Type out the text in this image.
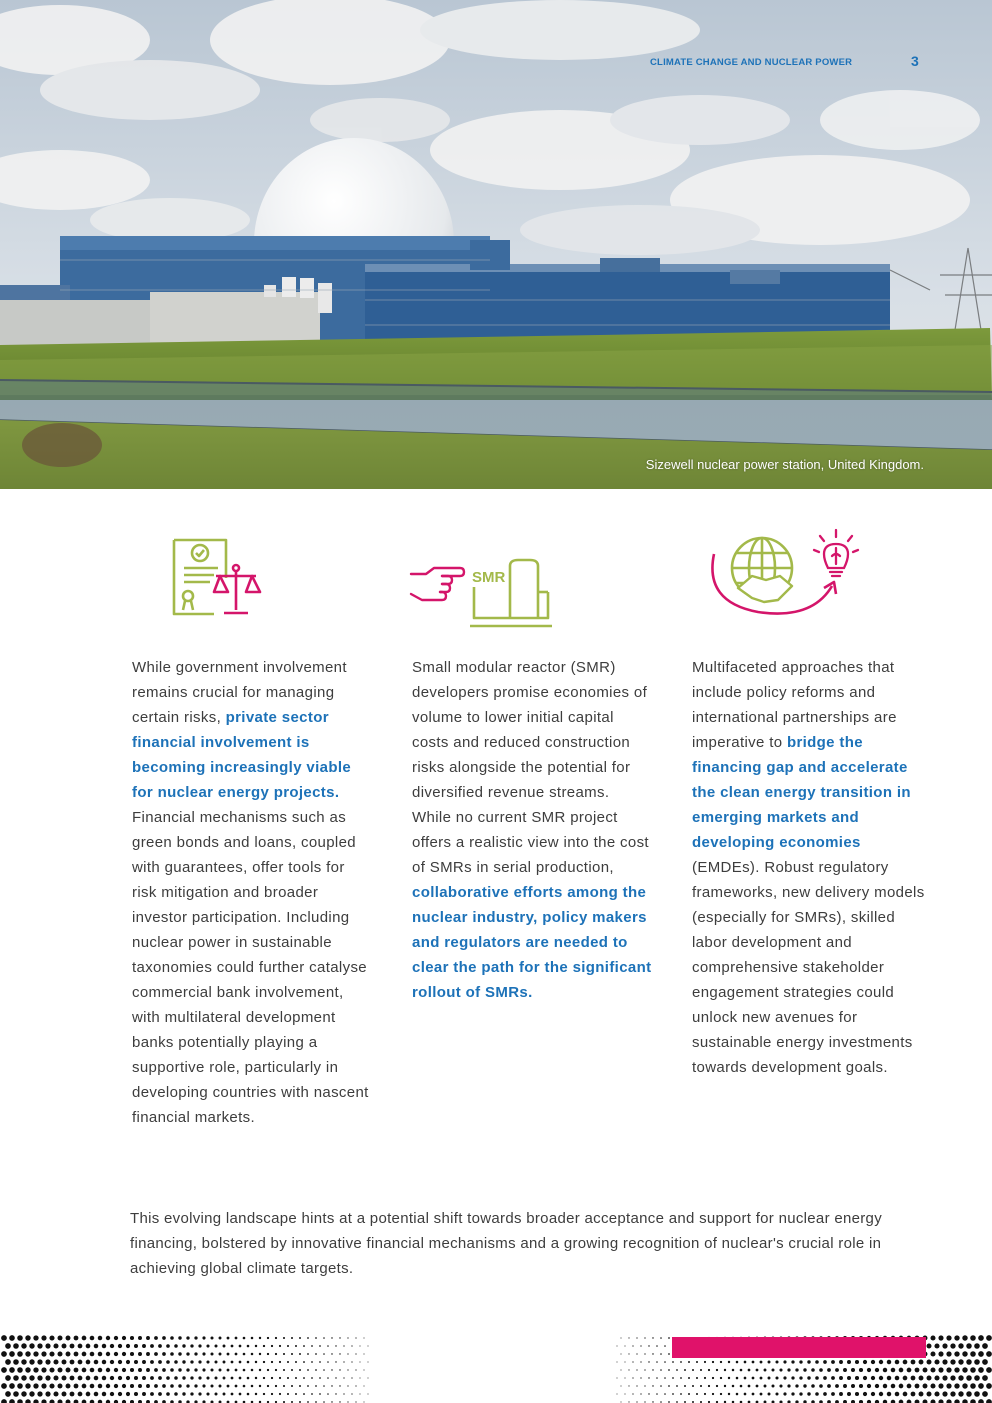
CLIMATE CHANGE AND NUCLEAR POWER	3
Sizewell nuclear power station, United Kingdom.
SMR
While government involvement remains crucial for managing certain risks, private sector financial involvement is becoming increasingly viable for nuclear energy projects. Financial mechanisms such as green bonds and loans, coupled with guarantees, offer tools for risk mitigation and broader investor participation. Including nuclear power in sustainable taxonomies could further catalyse commercial bank involvement, with multilateral development banks potentially playing a supportive role, particularly in developing countries with nascent financial markets.
Small modular reactor (SMR) developers promise economies of volume to lower initial capital costs and reduced construction risks alongside the potential for diversified revenue streams. While no current SMR project offers a realistic view into the cost of SMRs in serial production, collaborative efforts among the nuclear industry, policy makers and regulators are needed to clear the path for the significant rollout of SMRs.
Multifaceted approaches that include policy reforms and international partnerships are imperative to bridge the financing gap and accelerate the clean energy transition in emerging markets and developing economies (EMDEs). Robust regulatory frameworks, new delivery models (especially for SMRs), skilled labor development and comprehensive stakeholder engagement strategies could unlock new avenues for sustainable energy investments towards development goals.
This evolving landscape hints at a potential shift towards broader acceptance and support for nuclear energy financing, bolstered by innovative financial mechanisms and a growing recognition of nuclear's crucial role in achieving global climate targets.
